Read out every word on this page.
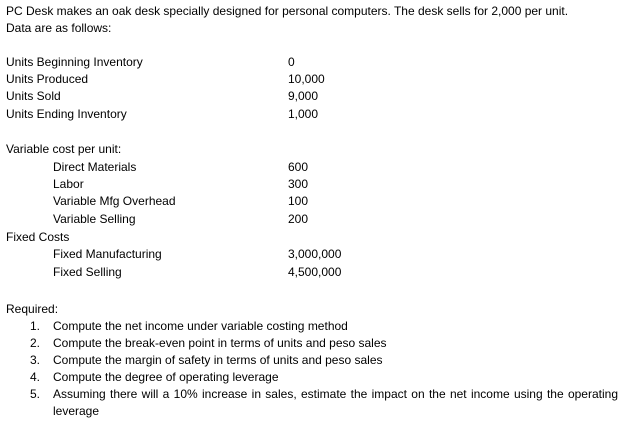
PC Desk makes an oak desk specially designed for personal computers. The desk sells for 2,000 per unit.
Data are as follows:
Units Beginning Inventory	0
Units Produced	10,000
Units Sold	9,000
Units Ending Inventory	1,000
Variable cost per unit:
Direct Materials	600
Labor	300
Variable Mfg Overhead	100
Variable Selling	200
Fixed Costs
Fixed Manufacturing	3,000,000
Fixed Selling	4,500,000
Required:
1. Compute the net income under variable costing method
2. Compute the break-even point in terms of units and peso sales
3. Compute the margin of safety in terms of units and peso sales
4. Compute the degree of operating leverage
5. Assuming there will a 10% increase in sales, estimate the impact on the net income using the operating leverage
